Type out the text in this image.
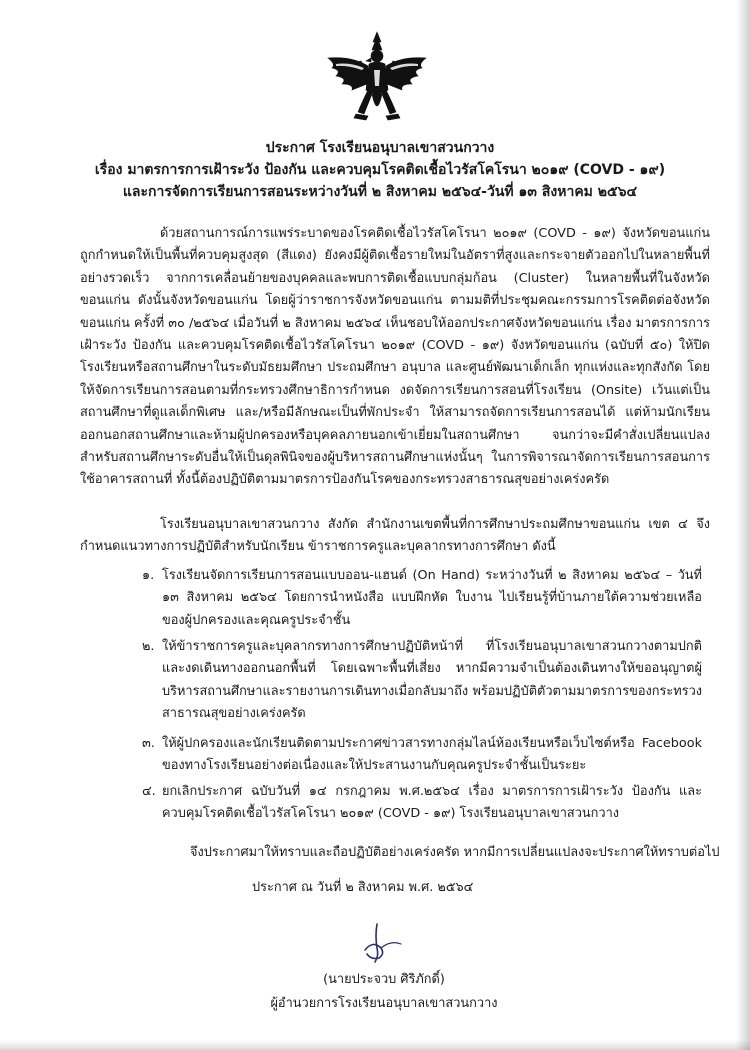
ประกาศ โรงเรียนอนุบาลเขาสวนกวาง
เรื่อง มาตรการการเฝ้าระวัง ป้องกัน และควบคุมโรคติดเชื้อไวรัสโคโรนา ๒๐๑๙ (COVD - ๑๙)
และการจัดการเรียนการสอนระหว่างวันที่ ๒ สิงหาคม ๒๕๖๔-วันที่ ๑๓ สิงหาคม ๒๕๖๔
ด้วยสถานการณ์การแพร่ระบาดของโรคติดเชื้อไวรัสโคโรนา ๒๐๑๙ (COVD - ๑๙) จังหวัดขอนแก่นถูกกำหนดให้เป็นพื้นที่ควบคุมสูงสุด (สีแดง) ยังคงมีผู้ติดเชื้อรายใหม่ในอัตราที่สูงและกระจายตัวออกไปในหลายพื้นที่อย่างรวดเร็ว จากการเคลื่อนย้ายของบุคคลและพบการติดเชื้อแบบกลุ่มก้อน (Cluster) ในหลายพื้นที่ในจังหวัดขอนแก่น ดังนั้นจังหวัดขอนแก่น โดยผู้ว่าราชการจังหวัดขอนแก่น ตามมติที่ประชุมคณะกรรมการโรคติดต่อจังหวัดขอนแก่น ครั้งที่ ๓๐ /๒๕๖๔ เมื่อวันที่ ๒ สิงหาคม ๒๕๖๔ เห็นชอบให้ออกประกาศจังหวัดขอนแก่น เรื่อง มาตรการการเฝ้าระวัง ป้องกัน และควบคุมโรคติดเชื้อไวรัสโคโรนา ๒๐๑๙ (COVD - ๑๙) จังหวัดขอนแก่น (ฉบับที่ ๕๐) ให้ปิดโรงเรียนหรือสถานศึกษาในระดับมัธยมศึกษา ประถมศึกษา อนุบาล และศูนย์พัฒนาเด็กเล็ก ทุกแห่งและทุกสังกัด โดยให้จัดการเรียนการสอนตามที่กระทรวงศึกษาธิการกำหนด งดจัดการเรียนการสอนที่โรงเรียน (Onsite) เว้นแต่เป็นสถานศึกษาที่ดูแลเด็กพิเศษ และ/หรือมีลักษณะเป็นที่พักประจำ ให้สามารถจัดการเรียนการสอนได้ แต่ห้ามนักเรียนออกนอกสถานศึกษาและห้ามผู้ปกครองหรือบุคคลภายนอกเข้าเยี่ยมในสถานศึกษา จนกว่าจะมีคำสั่งเปลี่ยนแปลง สำหรับสถานศึกษาระดับอื่นให้เป็นดุลพินิจของผู้บริหารสถานศึกษาแห่งนั้นๆ ในการพิจารณาจัดการเรียนการสอนการใช้อาคารสถานที่ ทั้งนี้ต้องปฏิบัติตามมาตรการป้องกันโรคของกระทรวงสาธารณสุขอย่างเคร่งครัด
โรงเรียนอนุบาลเขาสวนกวาง สังกัด สำนักงานเขตพื้นที่การศึกษาประถมศึกษาขอนแก่น เขต ๔ จึงกำหนดแนวทางการปฏิบัติสำหรับนักเรียน ข้าราชการครูและบุคลากรทางการศึกษา ดังนี้
๑. โรงเรียนจัดการเรียนการสอนแบบออน-แฮนด์ (On Hand) ระหว่างวันที่ ๒ สิงหาคม ๒๕๖๔ – วันที่ ๑๓ สิงหาคม ๒๕๖๔ โดยการนำหนังสือ แบบฝึกหัด ใบงาน ไปเรียนรู้ที่บ้านภายใต้ความช่วยเหลือของผู้ปกครองและคุณครูประจำชั้น
๒. ให้ข้าราชการครูและบุคลากรทางการศึกษาปฏิบัติหน้าที่ ที่โรงเรียนอนุบาลเขาสวนกวางตามปกติและงดเดินทางออกนอกพื้นที่ โดยเฉพาะพื้นที่เสี่ยง หากมีความจำเป็นต้องเดินทางให้ขออนุญาตผู้บริหารสถานศึกษาและรายงานการเดินทางเมื่อกลับมาถึง พร้อมปฏิบัติตัวตามมาตรการของกระทรวงสาธารณสุขอย่างเคร่งครัด
๓. ให้ผู้ปกครองและนักเรียนติดตามประกาศข่าวสารทางกลุ่มไลน์ห้องเรียนหรือเว็บไซต์หรือ Facebook ของทางโรงเรียนอย่างต่อเนื่องและให้ประสานงานกับคุณครูประจำชั้นเป็นระยะ
๔. ยกเลิกประกาศ ฉบับวันที่ ๑๔ กรกฎาคม พ.ศ.๒๕๖๔ เรื่อง มาตรการการเฝ้าระวัง ป้องกัน และควบคุมโรคติดเชื้อไวรัสโคโรนา ๒๐๑๙ (COVD - ๑๙) โรงเรียนอนุบาลเขาสวนกวาง
จึงประกาศมาให้ทราบและถือปฏิบัติอย่างเคร่งครัด หากมีการเปลี่ยนแปลงจะประกาศให้ทราบต่อไป
ประกาศ ณ วันที่ ๒ สิงหาคม พ.ศ. ๒๕๖๔
(นายประจวบ ศิริภักดิ์)
ผู้อำนวยการโรงเรียนอนุบาลเขาสวนกวาง
